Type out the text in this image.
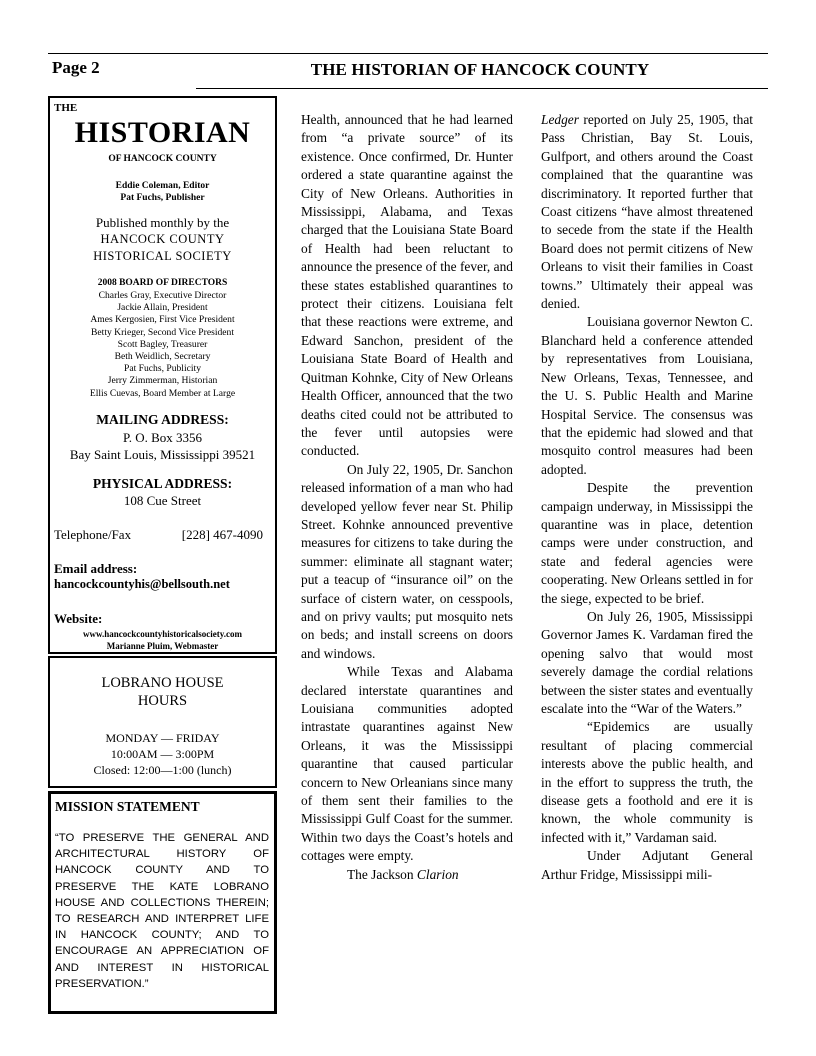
Page 2	THE HISTORIAN OF HANCOCK COUNTY
THE
HISTORIAN
OF HANCOCK COUNTY
Eddie Coleman, Editor
Pat Fuchs, Publisher
Published monthly by the
HANCOCK COUNTY
HISTORICAL SOCIETY
2008 BOARD OF DIRECTORS
Charles Gray, Executive Director
Jackie Allain, President
Ames Kergosien, First Vice President
Betty Krieger, Second Vice President
Scott Bagley, Treasurer
Beth Weidlich, Secretary
Pat Fuchs, Publicity
Jerry Zimmerman, Historian
Ellis Cuevas, Board Member at Large
MAILING ADDRESS:
P. O. Box 3356
Bay Saint Louis, Mississippi 39521
PHYSICAL ADDRESS:
108 Cue Street
Telephone/Fax	[228] 467-4090
Email address:
hancockcountyhis@bellsouth.net
Website:
www.hancockcountyhistoricalsociety.com
Marianne Pluim, Webmaster
LOBRANO HOUSE
HOURS
MONDAY — FRIDAY
10:00AM — 3:00PM
Closed: 12:00—1:00 (lunch)
MISSION STATEMENT
“TO PRESERVE THE GENERAL AND ARCHITECTURAL HISTORY OF HANCOCK COUNTY AND TO PRESERVE THE KATE LOBRANO HOUSE AND COLLECTIONS THEREIN; TO RESEARCH AND INTERPRET LIFE IN HANCOCK COUNTY; AND TO ENCOURAGE AN APPRECIATION OF AND INTEREST IN HISTORICAL PRESERVATION.”

Health, announced that he had learned from “a private source” of its existence. Once confirmed, Dr. Hunter ordered a state quarantine against the City of New Orleans. Authorities in Mississippi, Alabama, and Texas charged that the Louisiana State Board of Health had been reluctant to announce the presence of the fever, and these states established quarantines to protect their citizens. Louisiana felt that these reactions were extreme, and Edward Sanchon, president of the Louisiana State Board of Health and Quitman Kohnke, City of New Orleans Health Officer, announced that the two deaths cited could not be attributed to the fever until autopsies were conducted.

On July 22, 1905, Dr. Sanchon released information of a man who had developed yellow fever near St. Philip Street. Kohnke announced preventive measures for citizens to take during the summer: eliminate all stagnant water; put a teacup of “insurance oil” on the surface of cistern water, on cesspools, and on privy vaults; put mosquito nets on beds; and install screens on doors and windows.

While Texas and Alabama declared interstate quarantines and Louisiana communities adopted intrastate quarantines against New Orleans, it was the Mississippi quarantine that caused particular concern to New Orleanians since many of them sent their families to the Mississippi Gulf Coast for the summer. Within two days the Coast’s hotels and cottages were empty.

The Jackson Clarion

Ledger reported on July 25, 1905, that Pass Christian, Bay St. Louis, Gulfport, and others around the Coast complained that the quarantine was discriminatory. It reported further that Coast citizens “have almost threatened to secede from the state if the Health Board does not permit citizens of New Orleans to visit their families in Coast towns.” Ultimately their appeal was denied.

Louisiana governor Newton C. Blanchard held a conference attended by representatives from Louisiana, New Orleans, Texas, Tennessee, and the U. S. Public Health and Marine Hospital Service. The consensus was that the epidemic had slowed and that mosquito control measures had been adopted.

Despite the prevention campaign underway, in Mississippi the quarantine was in place, detention camps were under construction, and state and federal agencies were cooperating. New Orleans settled in for the siege, expected to be brief.

On July 26, 1905, Mississippi Governor James K. Vardaman fired the opening salvo that would most severely damage the cordial relations between the sister states and eventually escalate into the “War of the Waters.”

“Epidemics are usually resultant of placing commercial interests above the public health, and in the effort to suppress the truth, the disease gets a foothold and ere it is known, the whole community is infected with it,” Vardaman said.

Under Adjutant General Arthur Fridge, Mississippi mili-
